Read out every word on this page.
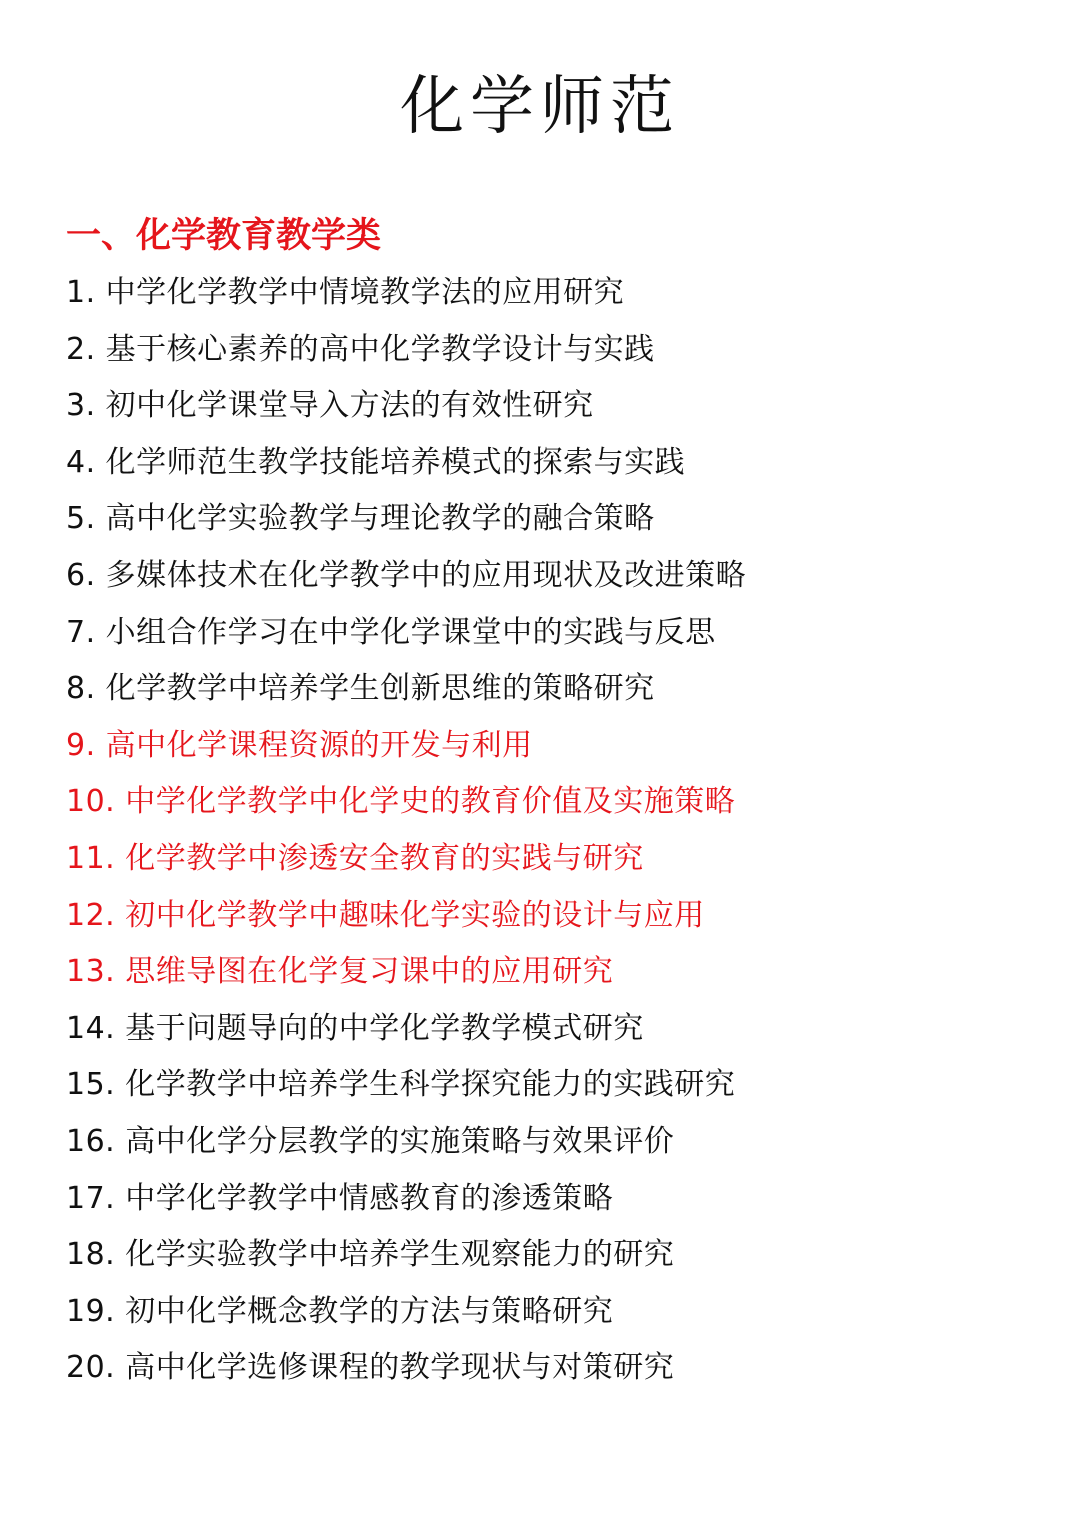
化学师范
一、化学教育教学类
1. 中学化学教学中情境教学法的应用研究
2. 基于核心素养的高中化学教学设计与实践
3. 初中化学课堂导入方法的有效性研究
4. 化学师范生教学技能培养模式的探索与实践
5. 高中化学实验教学与理论教学的融合策略
6. 多媒体技术在化学教学中的应用现状及改进策略
7. 小组合作学习在中学化学课堂中的实践与反思
8. 化学教学中培养学生创新思维的策略研究
9. 高中化学课程资源的开发与利用
10. 中学化学教学中化学史的教育价值及实施策略
11. 化学教学中渗透安全教育的实践与研究
12. 初中化学教学中趣味化学实验的设计与应用
13. 思维导图在化学复习课中的应用研究
14. 基于问题导向的中学化学教学模式研究
15. 化学教学中培养学生科学探究能力的实践研究
16. 高中化学分层教学的实施策略与效果评价
17. 中学化学教学中情感教育的渗透策略
18. 化学实验教学中培养学生观察能力的研究
19. 初中化学概念教学的方法与策略研究
20. 高中化学选修课程的教学现状与对策研究
